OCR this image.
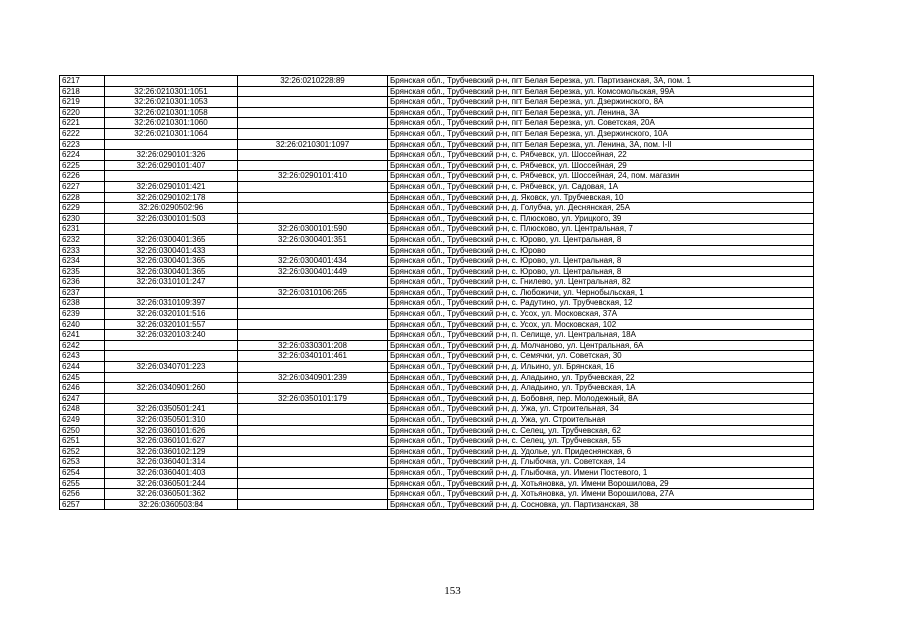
6217		32:26:0210228:89	Брянская обл., Трубчевский р-н, пгт Белая Березка, ул. Партизанская, 3А, пом. 1
6218	32:26:0210301:1051		Брянская обл., Трубчевский р-н, пгт Белая Березка, ул. Комсомольская, 99А
6219	32:26:0210301:1053		Брянская обл., Трубчевский р-н, пгт Белая Березка, ул. Дзержинского, 8А
6220	32:26:0210301:1058		Брянская обл., Трубчевский р-н, пгт Белая Березка, ул. Ленина, 3А
6221	32:26:0210301:1060		Брянская обл., Трубчевский р-н, пгт Белая Березка, ул. Советская, 20А
6222	32:26:0210301:1064		Брянская обл., Трубчевский р-н, пгт Белая Березка, ул. Дзержинского, 10А
6223		32:26:0210301:1097	Брянская обл., Трубчевский р-н, пгт Белая Березка, ул. Ленина, 3А, пом. I-II
6224	32:26:0290101:326		Брянская обл., Трубчевский р-н, с. Рябчевск, ул. Шоссейная, 22
6225	32:26:0290101:407		Брянская обл., Трубчевский р-н, с. Рябчевск, ул. Шоссейная, 29
6226		32:26:0290101:410	Брянская обл., Трубчевский р-н, с. Рябчевск, ул. Шоссейная, 24, пом. магазин
6227	32:26:0290101:421		Брянская обл., Трубчевский р-н, с. Рябчевск, ул. Садовая, 1А
6228	32:26:0290102:178		Брянская обл., Трубчевский р-н, д. Яковск, ул. Трубчевская, 10
6229	32:26:0290502:96		Брянская обл., Трубчевский р-н, д. Голубча, ул. Деснянская, 25А
6230	32:26:0300101:503		Брянская обл., Трубчевский р-н, с. Плюсково, ул. Урицкого, 39
6231		32:26:0300101:590	Брянская обл., Трубчевский р-н, с. Плюсково, ул. Центральная, 7
6232	32:26:0300401:365	32:26:0300401:351	Брянская обл., Трубчевский р-н, с. Юрово, ул. Центральная, 8
6233	32:26:0300401:433		Брянская обл., Трубчевский р-н, с. Юрово
6234	32:26:0300401:365	32:26:0300401:434	Брянская обл., Трубчевский р-н, с. Юрово, ул. Центральная, 8
6235	32:26:0300401:365	32:26:0300401:449	Брянская обл., Трубчевский р-н, с. Юрово, ул. Центральная, 8
6236	32:26:0310101:247		Брянская обл., Трубчевский р-н, с. Гнилево, ул. Центральная, 82
6237		32:26:0310106:265	Брянская обл., Трубчевский р-н, с. Любожичи, ул. Чернобыльская, 1
6238	32:26:0310109:397		Брянская обл., Трубчевский р-н, с. Радутино, ул. Трубчевская, 12
6239	32:26:0320101:516		Брянская обл., Трубчевский р-н, с. Усох, ул. Московская, 37А
6240	32:26:0320101:557		Брянская обл., Трубчевский р-н, с. Усох, ул. Московская, 102
6241	32:26:0320103:240		Брянская обл., Трубчевский р-н, п. Селище, ул. Центральная, 18А
6242		32:26:0330301:208	Брянская обл., Трубчевский р-н, д. Молчаново, ул. Центральная, 6А
6243		32:26:0340101:461	Брянская обл., Трубчевский р-н, с. Семячки, ул. Советская, 30
6244	32:26:0340701:223		Брянская обл., Трубчевский р-н, д. Ильино, ул. Брянская, 16
6245		32:26:0340901:239	Брянская обл., Трубчевский р-н, д. Аладьино, ул. Трубчевская, 22
6246	32:26:0340901:260		Брянская обл., Трубчевский р-н, д. Аладьино, ул. Трубчевская, 1А
6247		32:26:0350101:179	Брянская обл., Трубчевский р-н, д. Бобовня, пер. Молодежный, 8А
6248	32:26:0350501:241		Брянская обл., Трубчевский р-н, д. Ужа, ул. Строительная, 34
6249	32:26:0350501:310		Брянская обл., Трубчевский р-н, д. Ужа, ул. Строительная
6250	32:26:0360101:626		Брянская обл., Трубчевский р-н, с. Селец, ул. Трубчевская, 62
6251	32:26:0360101:627		Брянская обл., Трубчевский р-н, с. Селец, ул. Трубчевская, 55
6252	32:26:0360102:129		Брянская обл., Трубчевский р-н, д. Удолье, ул. Придеснянская, 6
6253	32:26:0360401:314		Брянская обл., Трубчевский р-н, д. Глыбочка, ул. Советская, 14
6254	32:26:0360401:403		Брянская обл., Трубчевский р-н, д. Глыбочка, ул. Имени Постевого, 1
6255	32:26:0360501:244		Брянская обл., Трубчевский р-н, д. Хотьяновка, ул. Имени Ворошилова, 29
6256	32:26:0360501:362		Брянская обл., Трубчевский р-н, д. Хотьяновка, ул. Имени Ворошилова, 27А
6257	32:26:0360503:84		Брянская обл., Трубчевский р-н, д. Сосновка, ул. Партизанская, 38
153
